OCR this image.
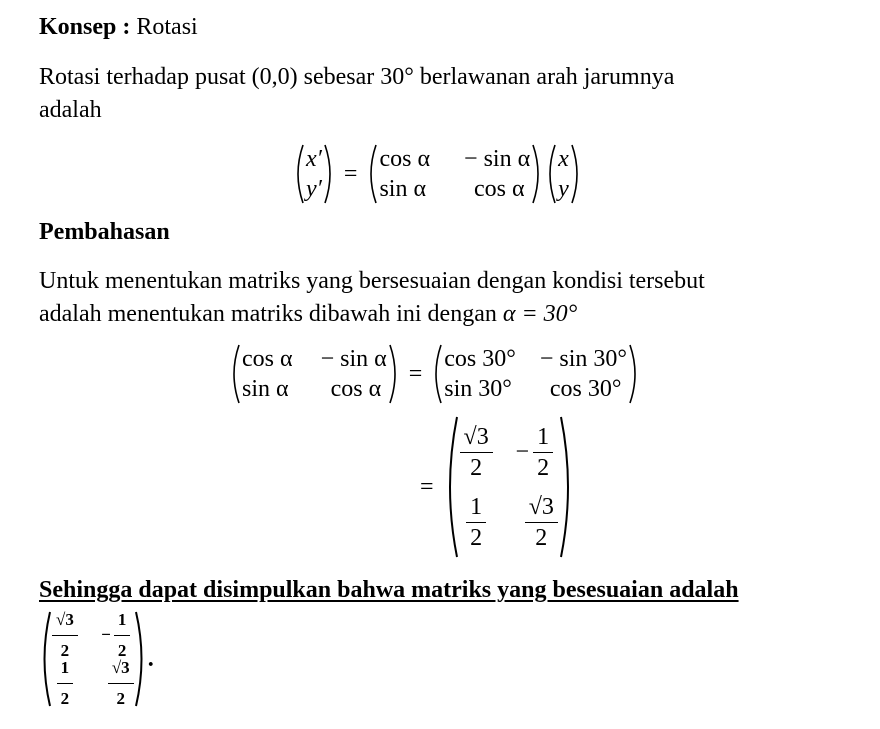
Konsep : Rotasi
Rotasi terhadap pusat (0,0) sebesar 30° berlawanan arah jarumnya
adalah
x′
y′
=
cos α − sin α
sin α	cos α
x
y
Pembahasan
Untuk menentukan matriks yang bersesuaian dengan kondisi tersebut
adalah menentukan matriks dibawah ini dengan α = 30°
cos α − sin α
sin α	cos α
=
cos 30° − sin 30°
sin 30°	cos 30°
=
$\frac{√3}{2} - \frac{1}{2}$
$\frac{1}{2} \frac{√3}{2}$
Sehingga dapat disimpulkan bahwa matriks yang besesuaian adalah
$\frac{√3}{2} - \frac{1}{2}$
$\frac{1}{2} \frac{√3}{2}$ .
